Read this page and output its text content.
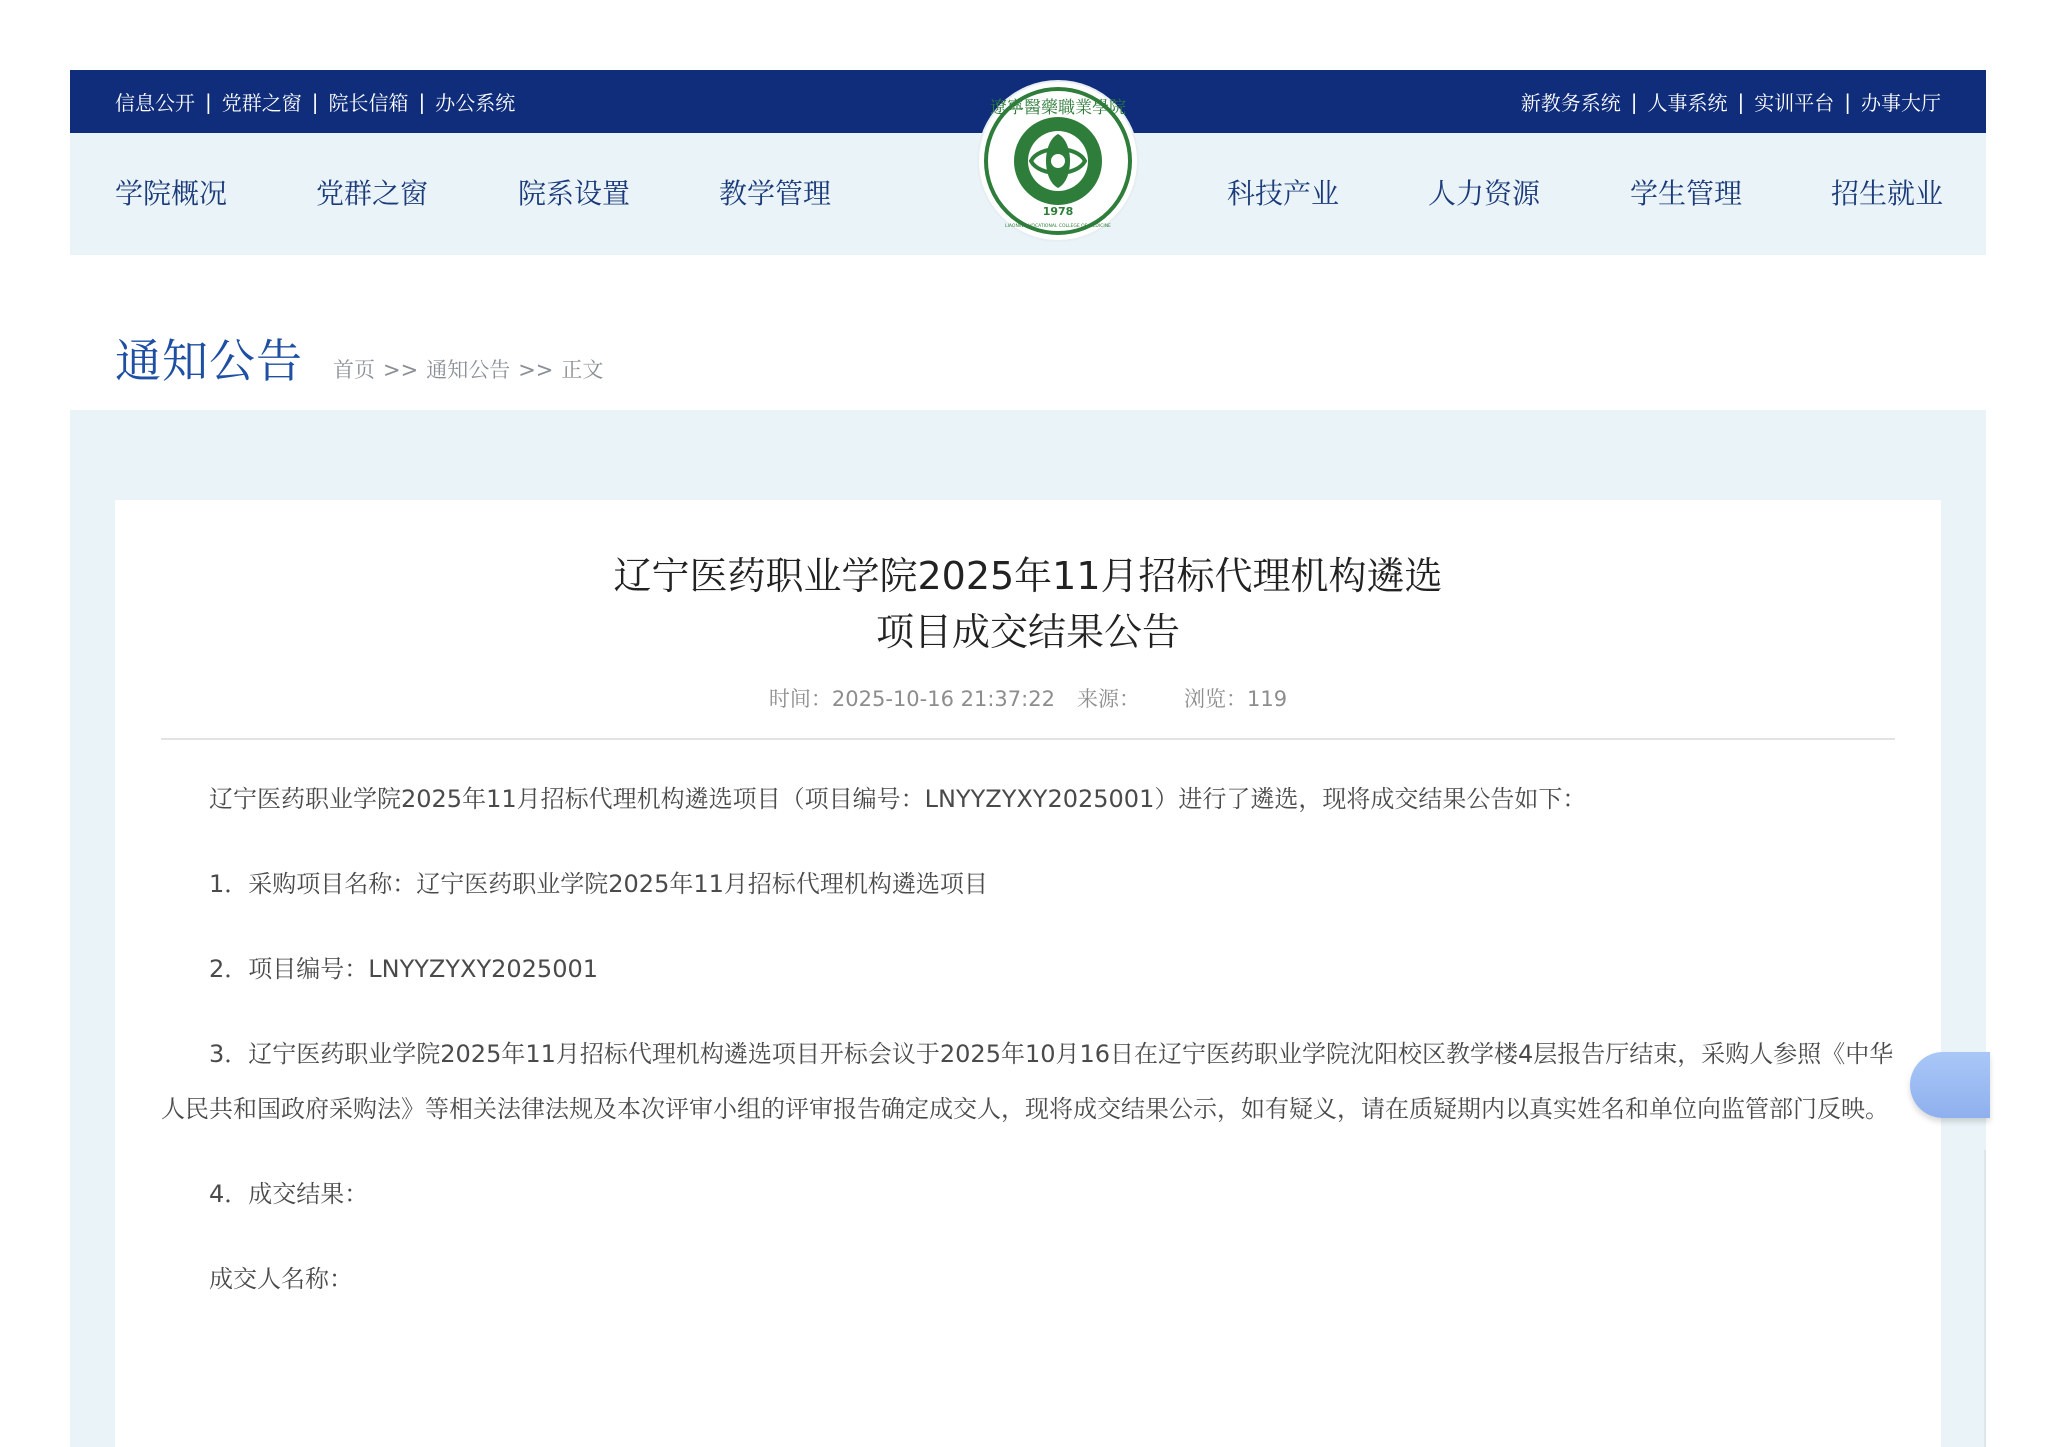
信息公开 | 党群之窗 | 院长信箱 | 办公系统	新教务系统 | 人事系统 | 实训平台 | 办事大厅
学院概况	党群之窗	院系设置	教学管理	科技产业	人力资源	学生管理	招生就业
遼寧醫藥職業學院
1978
LIAONING VOCATIONAL COLLEGE OF MEDICINE
通知公告 首页 >> 通知公告 >> 正文
辽宁医药职业学院2025年11月招标代理机构遴选
项目成交结果公告
时间：2025-10-16 21:37:22 来源： 浏览：119

辽宁医药职业学院2025年11月招标代理机构遴选项目（项目编号：LNYYZYXY2025001）进行了遴选，现将成交结果公告如下：

1．采购项目名称：辽宁医药职业学院2025年11月招标代理机构遴选项目

2．项目编号：LNYYZYXY2025001

3．辽宁医药职业学院2025年11月招标代理机构遴选项目开标会议于2025年10月16日在辽宁医药职业学院沈阳校区教学楼4层报告厅结束，采购人参照《中华人民共和国政府采购法》等相关法律法规及本次评审小组的评审报告确定成交人，现将成交结果公示，如有疑义，请在质疑期内以真实姓名和单位向监管部门反映。

4．成交结果：

成交人名称：
